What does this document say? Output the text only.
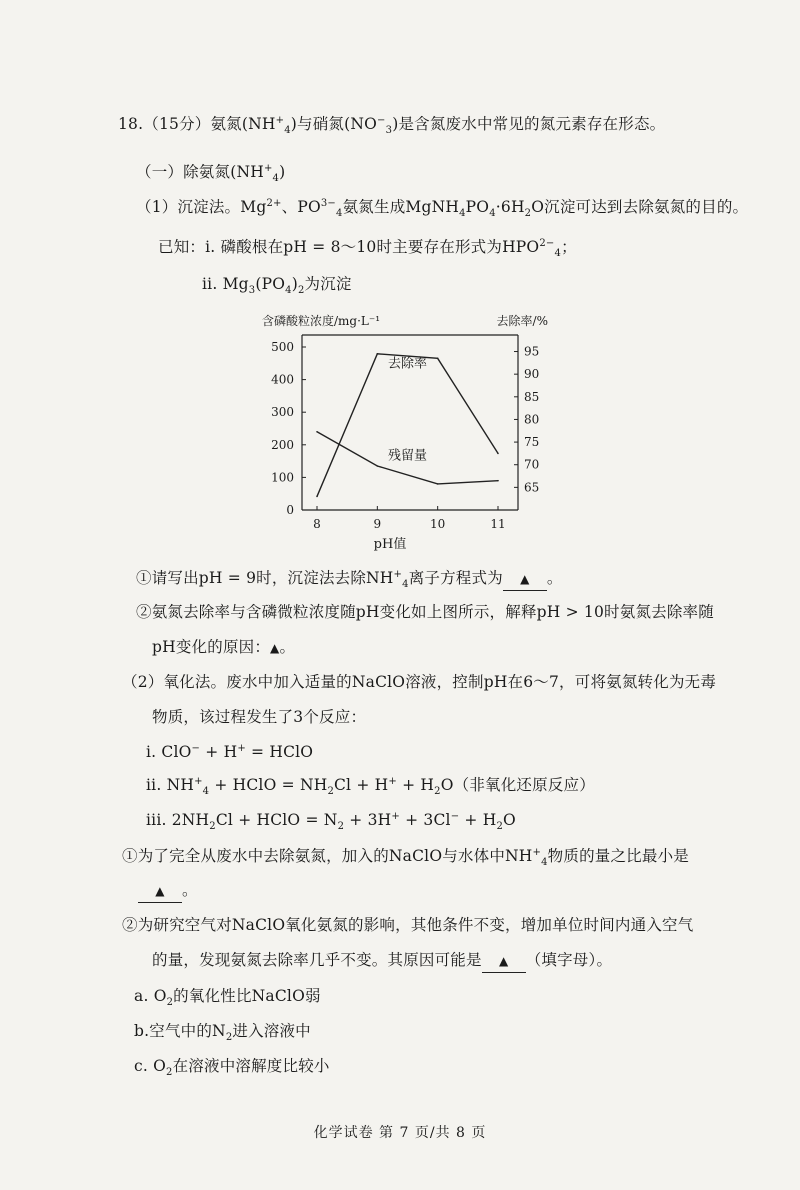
18.（15分）氨氮$(NH^+_4)$与硝氮$(NO^-_3)$是含氮废水中常见的氮元素存在形态。
（一）除氨氮$(NH^+_4)$
（1）沉淀法。$Mg^{2+}$、$PO^{3-}_4$氨氮生成$MgNH_4PO_4\cdot 6H_2O$沉淀可达到去除氨氮的目的。
已知：i. 磷酸根在pH = 8～10时主要存在形式为$HPO^{2-}_4$；
ii. $Mg_3(PO_4)_2$为沉淀
含磷酸粒浓度/mg·L⁻¹	去除率/%
pH值
0
100
200
300
400
500
65
70
75
80
85
90
95
8	9	10	11
去除率
残留量
①请写出pH = 9时，沉淀法去除$NH^+_4$离子方程式为 ▲ 。
②氨氮去除率与含磷微粒浓度随pH变化如上图所示，解释pH > 10时氨氮去除率随
pH变化的原因：▲。
（2）氧化法。废水中加入适量的NaClO溶液，控制pH在6～7，可将氨氮转化为无毒
物质，该过程发生了3个反应：
i. ClO− + H+ = HClO
ii. $NH^+_4$ + HClO = $NH_2Cl + H^+ + H_2O$（非氧化还原反应）
iii. $2NH_2Cl$ + HClO = $N_2 + 3H^+ + 3Cl^- + H_2O$
①为了完全从废水中去除氨氮，加入的NaClO与水体中$NH^+_4$物质的量之比最小是
▲ 。
②为研究空气对NaClO氧化氨氮的影响，其他条件不变，增加单位时间内通入空气
的量，发现氨氮去除率几乎不变。其原因可能是 ▲ （填字母）。
a. $O_2$的氧化性比NaClO弱
b.空气中的$N_2$进入溶液中
c. $O_2$在溶液中溶解度比较小
化学试卷 第 7 页/共 8 页
